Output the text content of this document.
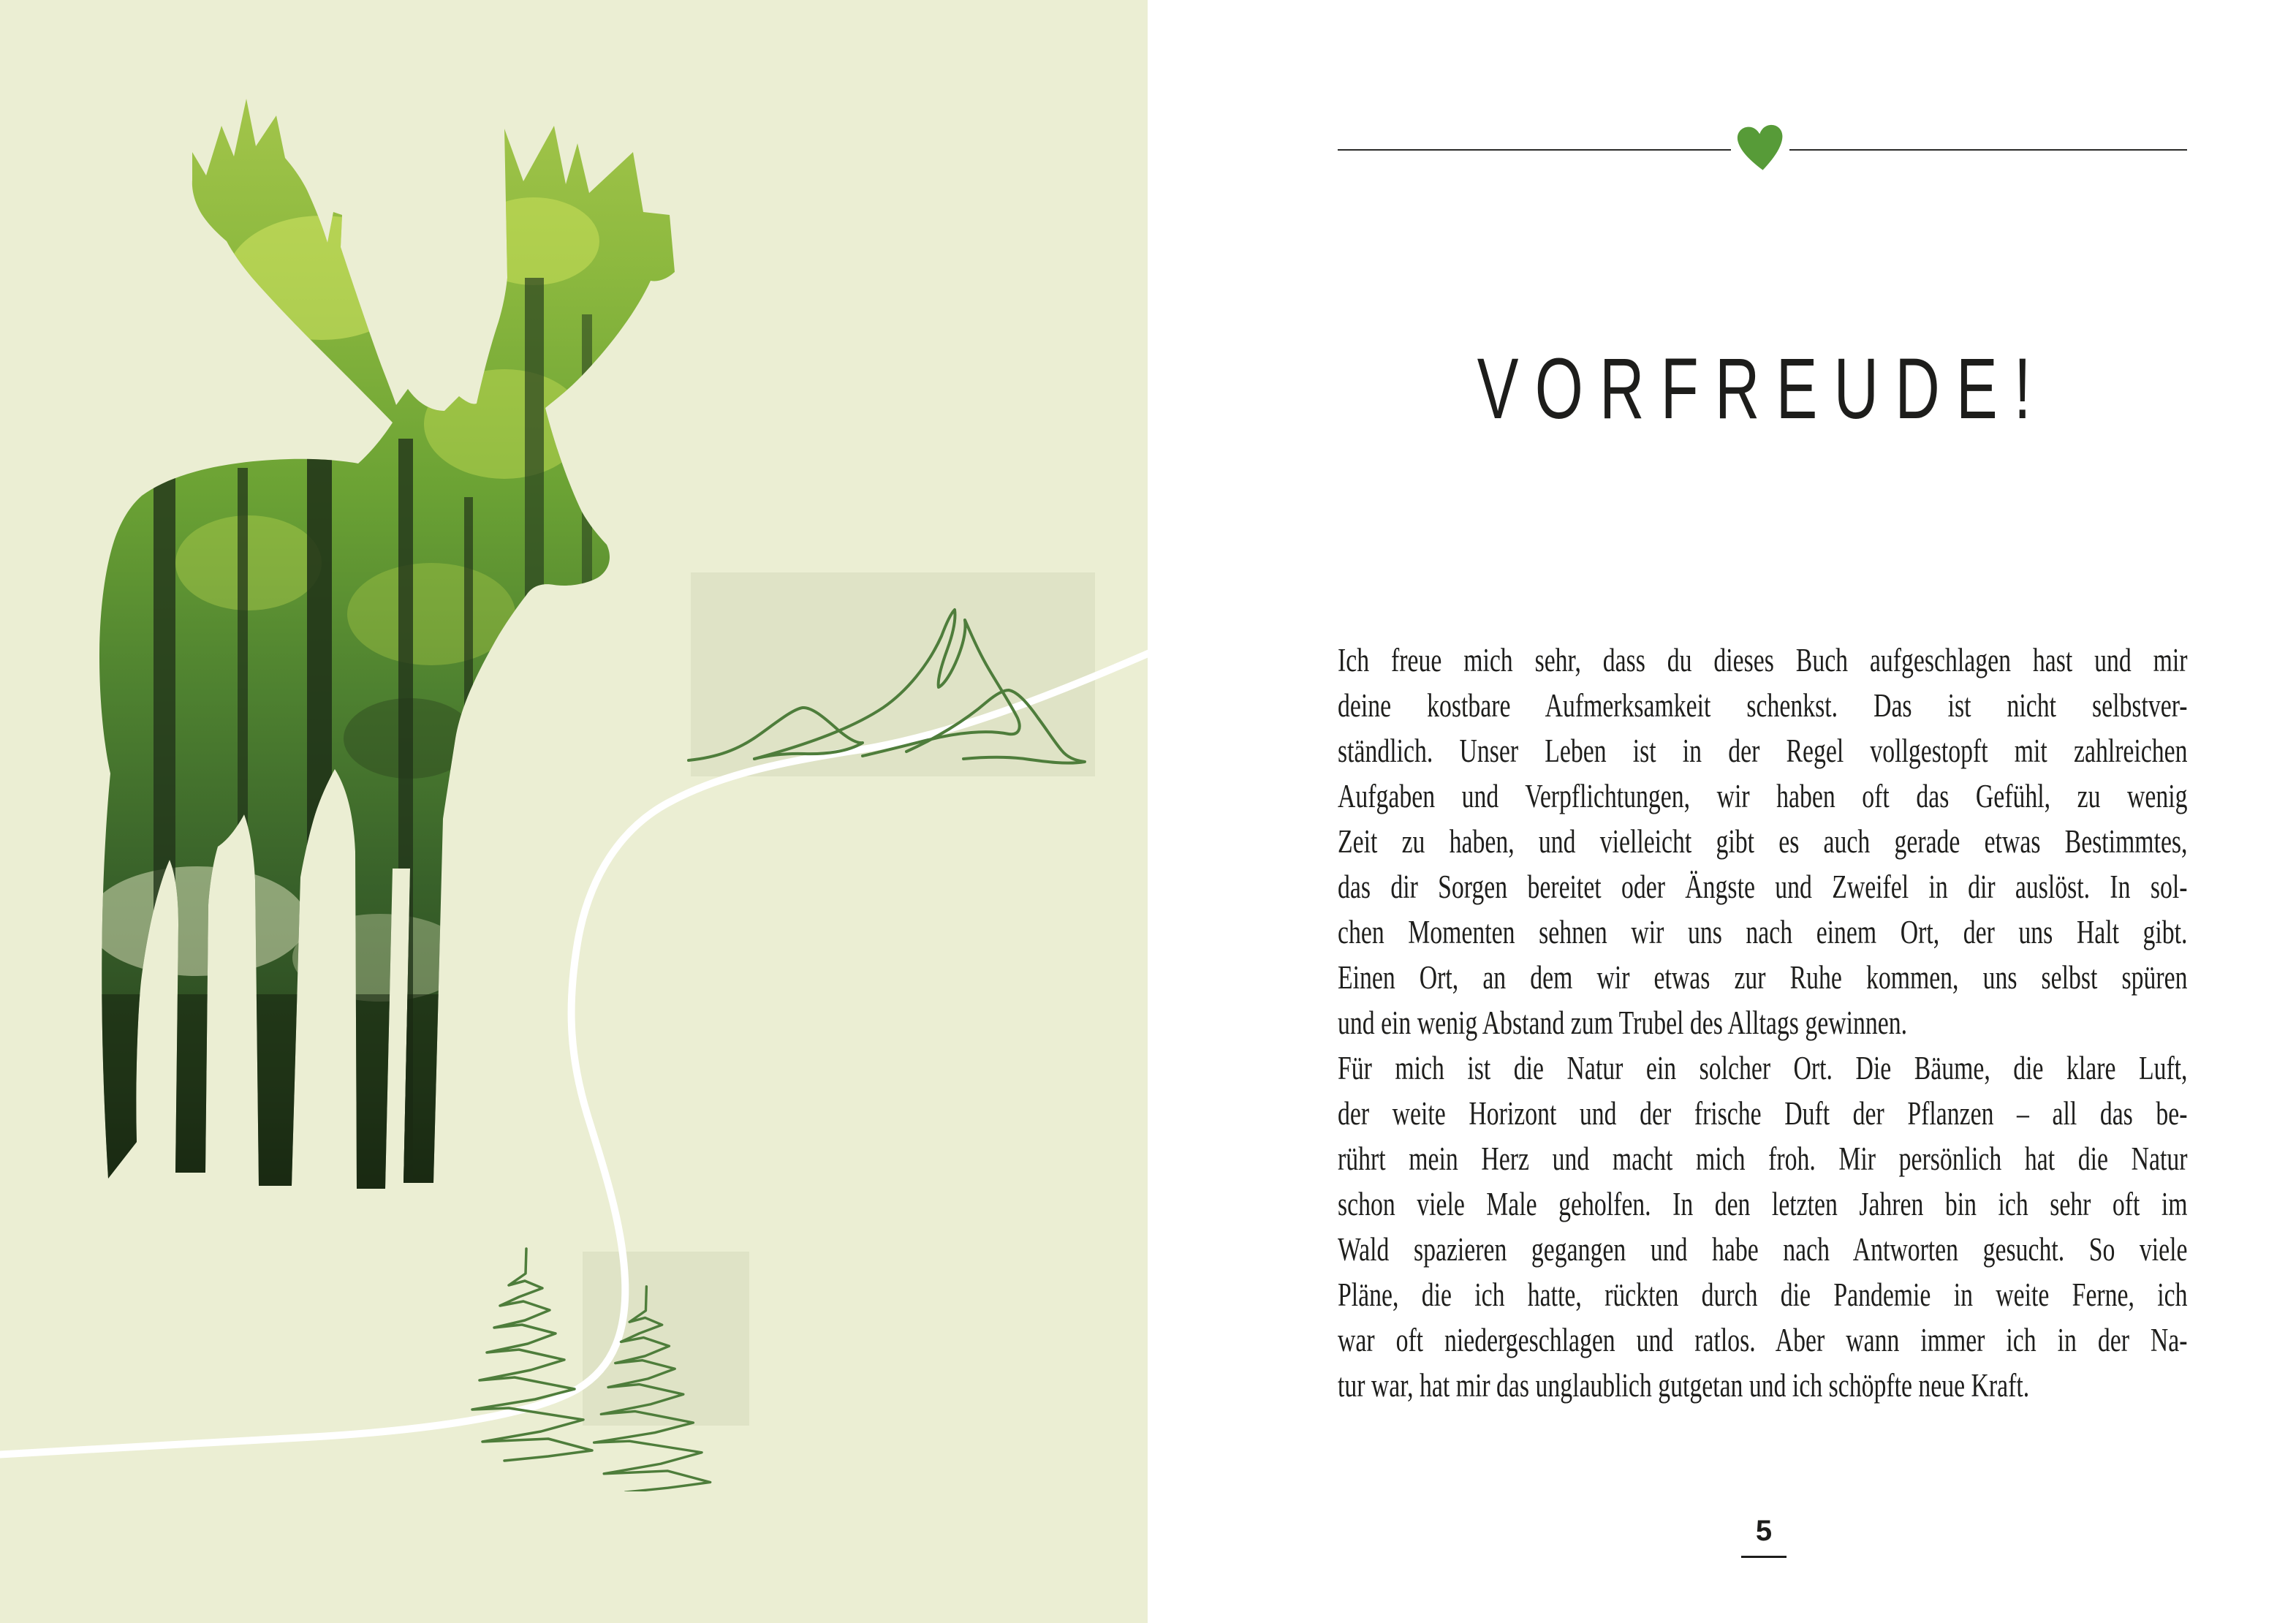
VORFREUDE!
Ich freue mich sehr, dass du dieses Buch aufgeschlagen hast und mir
deine kostbare Aufmerksamkeit schenkst. Das ist nicht selbstver-
ständlich. Unser Leben ist in der Regel vollgestopft mit zahlreichen
Aufgaben und Verpflichtungen, wir haben oft das Gefühl, zu wenig
Zeit zu haben, und vielleicht gibt es auch gerade etwas Bestimmtes,
das dir Sorgen bereitet oder Ängste und Zweifel in dir auslöst. In sol-
chen Momenten sehnen wir uns nach einem Ort, der uns Halt gibt.
Einen Ort, an dem wir etwas zur Ruhe kommen, uns selbst spüren
und ein wenig Abstand zum Trubel des Alltags gewinnen.
Für mich ist die Natur ein solcher Ort. Die Bäume, die klare Luft,
der weite Horizont und der frische Duft der Pflanzen – all das be-
rührt mein Herz und macht mich froh. Mir persönlich hat die Natur
schon viele Male geholfen. In den letzten Jahren bin ich sehr oft im
Wald spazieren gegangen und habe nach Antworten gesucht. So viele
Pläne, die ich hatte, rückten durch die Pandemie in weite Ferne, ich
war oft niedergeschlagen und ratlos. Aber wann immer ich in der Na-
tur war, hat mir das unglaublich gutgetan und ich schöpfte neue Kraft.
5
